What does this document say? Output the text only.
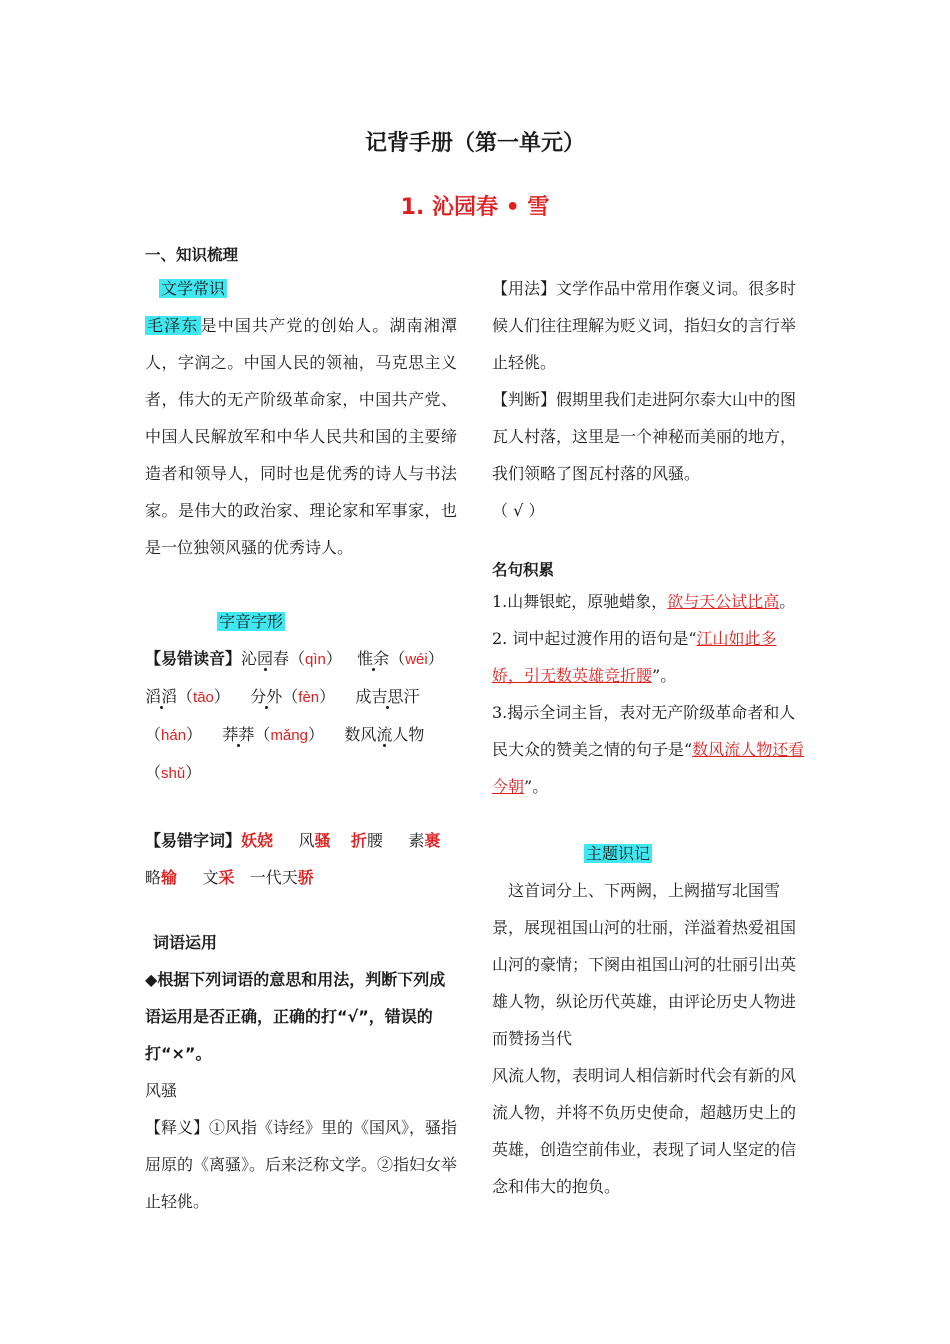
记背手册（第一单元）
1. 沁园春 • 雪
一、知识梳理
文学常识
毛泽东 是中国共产党的创始人。湖南湘潭人，字润之。中国人民的领袖，马克思主义者，伟大的无产阶级革命家，中国共产党、中国人民解放军和中华人民共和国的主要缔造者和领导人，同时也是优秀的诗人与书法家。是伟大的政治家、理论家和军事家，也是一位独领风骚的优秀诗人。
字音字形
【易错读音】沁园春（qìn）   惟余（wéi）
滔滔（tāo）    分外（fèn）    成吉思汗
（hán）    莽莽（mǎng）    数风流人物
（shǔ）
【易错字词】妖娆 风骚 折腰 素裹
略输 文采 一代天骄
词语运用
◆根据下列词语的意思和用法，判断下列成语运用是否正确，正确的打“√”，错误的打“×”。
风骚
【释义】①风指《诗经》里的《国风》，骚指屈原的《离骚》。后来泛称文学。②指妇女举止轻佻。
【用法】文学作品中常用作褒义词。很多时候人们往往理解为贬义词，指妇女的言行举止轻佻。
【判断】假期里我们走进阿尔泰大山中的图瓦人村落，这里是一个神秘而美丽的地方，我们领略了图瓦村落的风骚。
（ √ ）
名句积累
1.山舞银蛇，原驰蜡象，欲与天公试比高。
2. 词中起过渡作用的语句是“江山如此多娇，引无数英雄竞折腰”。
3.揭示全词主旨，表对无产阶级革命者和人民大众的赞美之情的句子是“数风流人物还看今朝”。
主题识记
这首词分上、下两阙，上阙描写北国雪景，展现祖国山河的壮丽，洋溢着热爱祖国山河的豪情；下阕由祖国山河的壮丽引出英雄人物，纵论历代英雄，由评论历史人物进而赞扬当代
风流人物，表明词人相信新时代会有新的风流人物，并将不负历史使命，超越历史上的英雄，创造空前伟业，表现了词人坚定的信念和伟大的抱负。
